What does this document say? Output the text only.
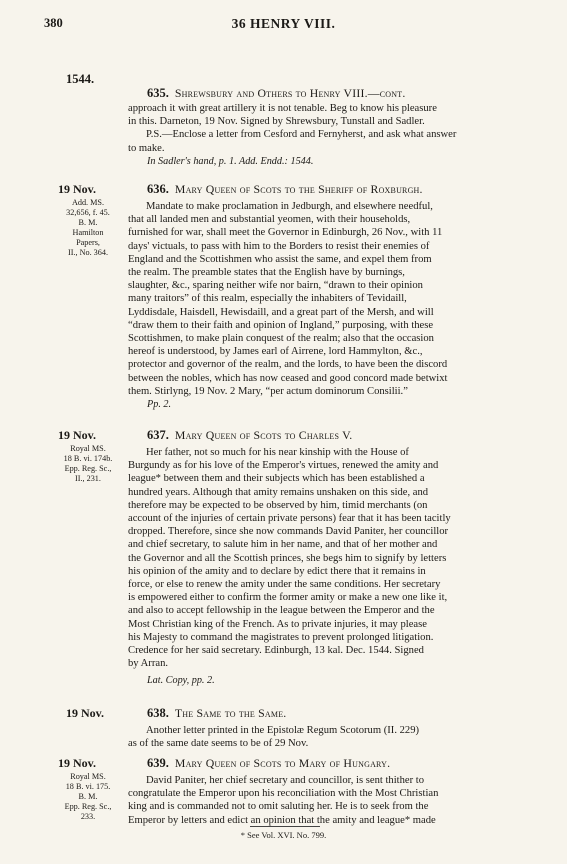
380	36 HENRY VIII.
1544.
635. Shrewsbury and Others to Henry VIII.—cont.

approach it with great artillery it is not tenable. Beg to know his pleasure

in this. Darneton, 19 Nov. Signed by Shrewsbury, Tunstall and Sadler.

P.S.—Enclose a letter from Cesford and Fernyherst, and ask what answer

to make.

In Sadler's hand, p. 1. Add. Endd.: 1544.
19 Nov.
Add. MS.
32,656, f. 45.
B. M.
Hamilton
Papers,
II., No. 364.
636. Mary Queen of Scots to the Sheriff of Roxburgh.

Mandate to make proclamation in Jedburgh, and elsewhere needful,

that all landed men and substantial yeomen, with their households,

furnished for war, shall meet the Governor in Edinburgh, 26 Nov., with 11

days' victuals, to pass with him to the Borders to resist their enemies of

England and the Scottishmen who assist the same, and expel them from

the realm. The preamble states that the English have by burnings,

slaughter, &c., sparing neither wife nor bairn, “drawn to their opinion

many traitors” of this realm, especially the inhabiters of Tevidaill,

Lyddisdale, Haisdell, Hewisdaill, and a great part of the Mersh, and will

“draw them to their faith and opinion of Ingland,” purposing, with these

Scottishmen, to make plain conquest of the realm; also that the occasion

hereof is understood, by James earl of Airrene, lord Hammylton, &c.,

protector and governor of the realm, and the lords, to have been the discord

between the nobles, which has now ceased and good concord made betwixt

them. Stirlyng, 19 Nov. 2 Mary, “per actum dominorum Consilii.”

Pp. 2.
19 Nov.
Royal MS.
18 B. vi. 174b.
Epp. Reg. Sc.,
II., 231.
637. Mary Queen of Scots to Charles V.

Her father, not so much for his near kinship with the House of

Burgundy as for his love of the Emperor's virtues, renewed the amity and

league* between them and their subjects which has been established a

hundred years. Although that amity remains unshaken on this side, and

therefore may be expected to be observed by him, timid merchants (on

account of the injuries of certain private persons) fear that it has been tacitly

dropped. Therefore, since she now commands David Paniter, her councillor

and chief secretary, to salute him in her name, and that of her mother and

the Governor and all the Scottish princes, she begs him to signify by letters

his opinion of the amity and to declare by edict there that it remains in

force, or else to renew the amity under the same conditions. Her secretary

is empowered either to confirm the former amity or make a new one like it,

and also to accept fellowship in the league between the Emperor and the

Most Christian king of the French. As to private injuries, it may please

his Majesty to command the magistrates to prevent prolonged litigation.

Credence for her said secretary. Edinburgh, 13 kal. Dec. 1544. Signed

by Arran.

Lat. Copy, pp. 2.
19 Nov.	638. The Same to the Same.

Another letter printed in the Epistolæ Regum Scotorum (II. 229)

as of the same date seems to be of 29 Nov.

19 Nov.
Royal MS.
18 B. vi. 175.
B. M.
Epp. Reg. Sc.,
233.
639. Mary Queen of Scots to Mary of Hungary.

David Paniter, her chief secretary and councillor, is sent thither to

congratulate the Emperor upon his reconciliation with the Most Christian

king and is commanded not to omit saluting her. He is to seek from the

Emperor by letters and edict an opinion that the amity and league* made

* See Vol. XVI. No. 799.
